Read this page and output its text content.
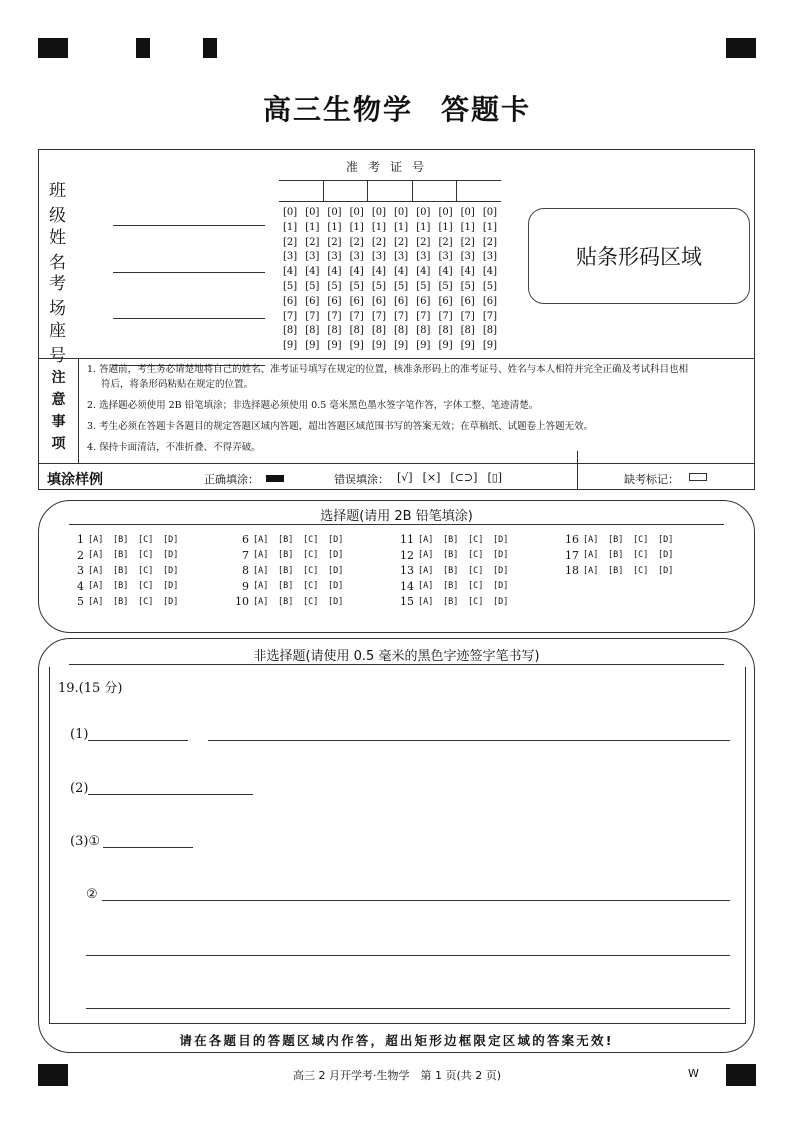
高三生物学 答题卡
班 级
姓 名
考 场
座 号
准考证号
[0] [0] [0] [0] [0] [0] [0] [0] [0] [0]
[1] [1] [1] [1] [1] [1] [1] [1] [1] [1]
[2] [2] [2] [2] [2] [2] [2] [2] [2] [2]
[3] [3] [3] [3] [3] [3] [3] [3] [3] [3]
[4] [4] [4] [4] [4] [4] [4] [4] [4] [4]
[5] [5] [5] [5] [5] [5] [5] [5] [5] [5]
[6] [6] [6] [6] [6] [6] [6] [6] [6] [6]
[7] [7] [7] [7] [7] [7] [7] [7] [7] [7]
[8] [8] [8] [8] [8] [8] [8] [8] [8] [8]
[9] [9] [9] [9] [9] [9] [9] [9] [9] [9]
贴条形码区域
注
意
事
项

1. 答题前，考生务必请楚地将自己的姓名、准考证号填写在规定的位置，核准条形码上的准考证号、姓名与本人相符并完全正确及考试科目也相

符后，将条形码粘贴在规定的位置。

2. 选择题必须使用 2B 铅笔填涂；非选择题必须使用 0.5 毫米黑色墨水签字笔作答，字体工整、笔迹清楚。

3. 考生必须在答题卡各题目的规定答题区域内答题，超出答题区域范围书写的答案无效；在草稿纸、试题卷上答题无效。

4. 保持卡面清洁，不准折叠、不得弄破。

填涂样例	正确填涂：	错误填涂： [√] [×] [⊂⊃] [▯]	缺考标记：
选择题(请用 2B 铅笔填涂)
1 [A]	[B]	[C]	[D]
2 [A]	[B]	[C]	[D]
3 [A]	[B]	[C]	[D]
4 [A]	[B]	[C]	[D]
5 [A]	[B]	[C]	[D]
6 [A]	[B]	[C]	[D]
7 [A]	[B]	[C]	[D]
8 [A]	[B]	[C]	[D]
9 [A]	[B]	[C]	[D]
10 [A]	[B]	[C]	[D]
11 [A]	[B]	[C]	[D]
12 [A]	[B]	[C]	[D]
13 [A]	[B]	[C]	[D]
14 [A]	[B]	[C]	[D]
15 [A]	[B]	[C]	[D]
16 [A]	[B]	[C]	[D]
17 [A]	[B]	[C]	[D]
18 [A]	[B]	[C]	[D]
非选择题(请使用 0.5 毫米的黑色字迹签字笔书写)
19.(15 分)
(1)
(2)
(3)①
②
请在各题目的答题区域内作答，超出矩形边框限定区域的答案无效!
高三 2 月开学考·生物学　第 1 页(共 2 页)	W
